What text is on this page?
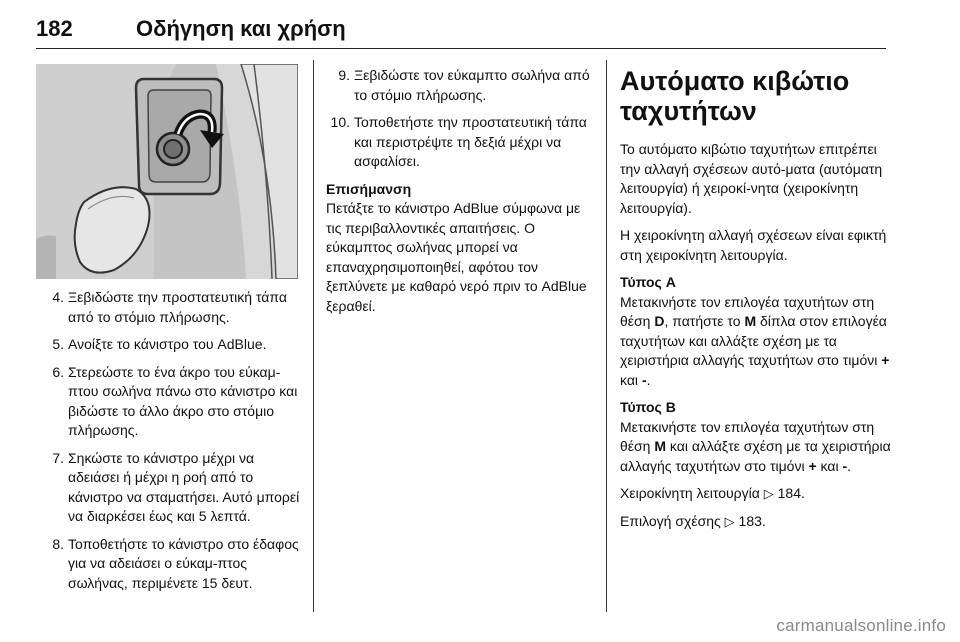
182	Οδήγηση και χρήση
4. Ξεβιδώστε την προστατευτική τάπα από το στόμιο πλήρωσης.
5. Ανοίξτε το κάνιστρο του AdBlue.
6. Στερεώστε το ένα άκρο του εύκαμ-πτου σωλήνα πάνω στο κάνιστρο και βιδώστε το άλλο άκρο στο στόμιο πλήρωσης.
7. Σηκώστε το κάνιστρο μέχρι να αδειάσει ή μέχρι η ροή από το κάνιστρο να σταματήσει. Αυτό μπορεί να διαρκέσει έως και 5 λεπτά.
8. Τοποθετήστε το κάνιστρο στο έδαφος για να αδειάσει ο εύκαμ-πτος σωλήνας, περιμένετε 15 δευτ.
9. Ξεβιδώστε τον εύκαμπτο σωλήνα από το στόμιο πλήρωσης.
10. Τοποθετήστε την προστατευτική τάπα και περιστρέψτε τη δεξιά μέχρι να ασφαλίσει.
Επισήμανση
Πετάξτε το κάνιστρο AdBlue σύμφωνα με τις περιβαλλοντικές απαιτήσεις. Ο εύκαμπτος σωλήνας μπορεί να επαναχρησιμοποιηθεί, αφότου τον ξεπλύνετε με καθαρό νερό πριν το AdBlue ξεραθεί.
Αυτόματο κιβώτιο ταχυτήτων

Το αυτόματο κιβώτιο ταχυτήτων επιτρέπει την αλλαγή σχέσεων αυτό-ματα (αυτόματη λειτουργία) ή χειροκί-νητα (χειροκίνητη λειτουργία).

Η χειροκίνητη αλλαγή σχέσεων είναι εφικτή στη χειροκίνητη λειτουργία.

Τύπος A

Μετακινήστε τον επιλογέα ταχυτήτων στη θέση D, πατήστε το M δίπλα στον επιλογέα ταχυτήτων και αλλάξτε σχέση με τα χειριστήρια αλλαγής ταχυτήτων στο τιμόνι + και -.

Τύπος B

Μετακινήστε τον επιλογέα ταχυτήτων στη θέση M και αλλάξτε σχέση με τα χειριστήρια αλλαγής ταχυτήτων στο τιμόνι + και -.

Χειροκίνητη λειτουργία ▷ 184.

Επιλογή σχέσης ▷ 183.

carmanualsonline.info
